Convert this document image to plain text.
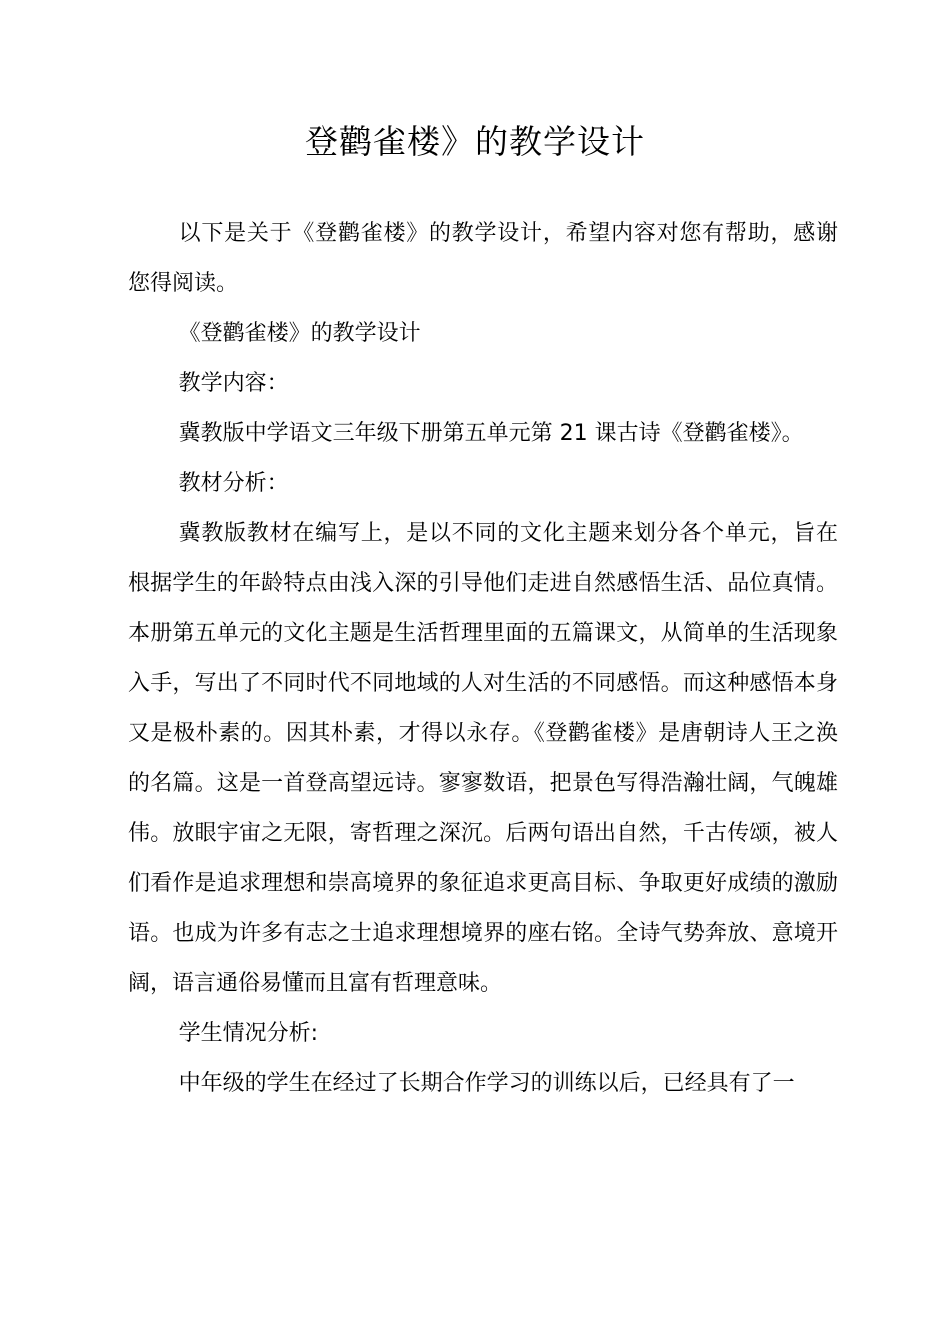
登鹳雀楼》的教学设计

以下是关于《登鹳雀楼》的教学设计，希望内容对您有帮助，感谢您得阅读。

《登鹳雀楼》的教学设计

教学内容：

冀教版中学语文三年级下册第五单元第 21 课古诗《登鹳雀楼》。

教材分析：

冀教版教材在编写上，是以不同的文化主题来划分各个单元，旨在根据学生的年龄特点由浅入深的引导他们走进自然感悟生活、品位真情。本册第五单元的文化主题是生活哲理里面的五篇课文，从简单的生活现象入手，写出了不同时代不同地域的人对生活的不同感悟。而这种感悟本身又是极朴素的。因其朴素，才得以永存。《登鹳雀楼》是唐朝诗人王之涣的名篇。这是一首登高望远诗。寥寥数语，把景色写得浩瀚壮阔，气魄雄伟。放眼宇宙之无限，寄哲理之深沉。后两句语出自然，千古传颂，被人们看作是追求理想和崇高境界的象征追求更高目标、争取更好成绩的激励语。也成为许多有志之士追求理想境界的座右铭。全诗气势奔放、意境开阔，语言通俗易懂而且富有哲理意味。

学生情况分析:

中年级的学生在经过了长期合作学习的训练以后，已经具有了一
